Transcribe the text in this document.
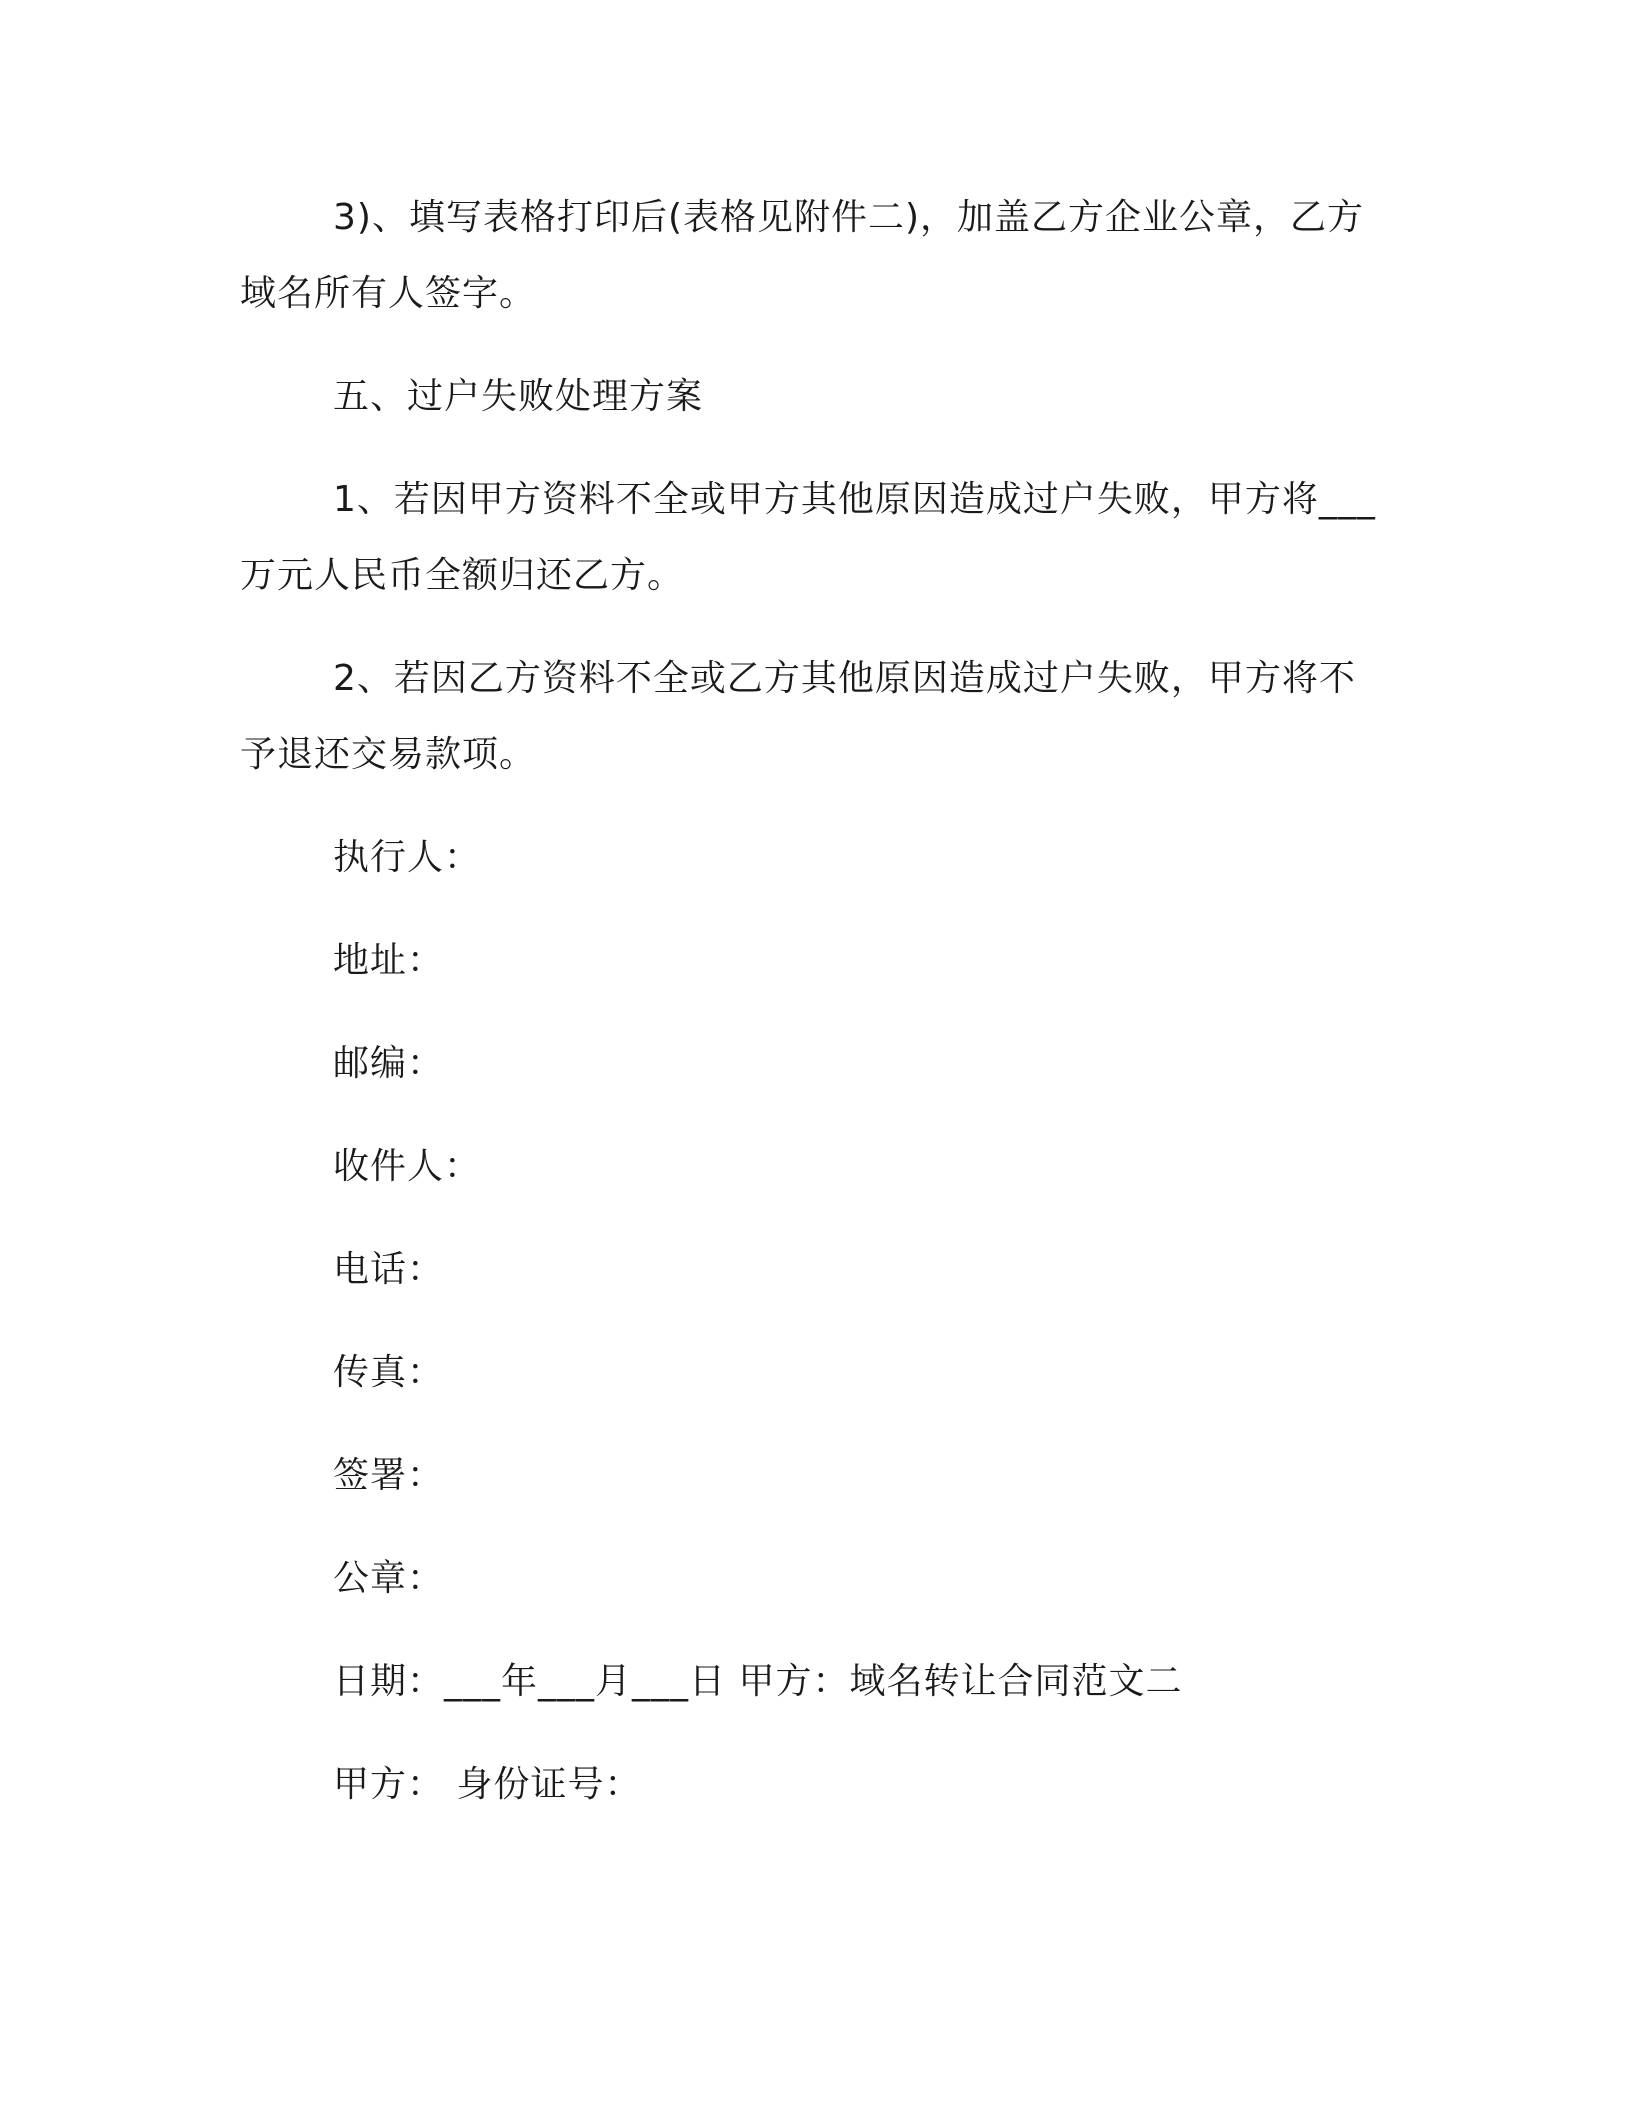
3)、填写表格打印后(表格见附件二)，加盖乙方企业公章，乙方
域名所有人签字。
五、过户失败处理方案
1、若因甲方资料不全或甲方其他原因造成过户失败，甲方将___
万元人民币全额归还乙方。
2、若因乙方资料不全或乙方其他原因造成过户失败，甲方将不
予退还交易款项。
执行人：
地址：
邮编：
收件人：
电话：
传真：
签署：
公章：
日期：___年___月___日 甲方：域名转让合同范文二
甲方： 身份证号：
